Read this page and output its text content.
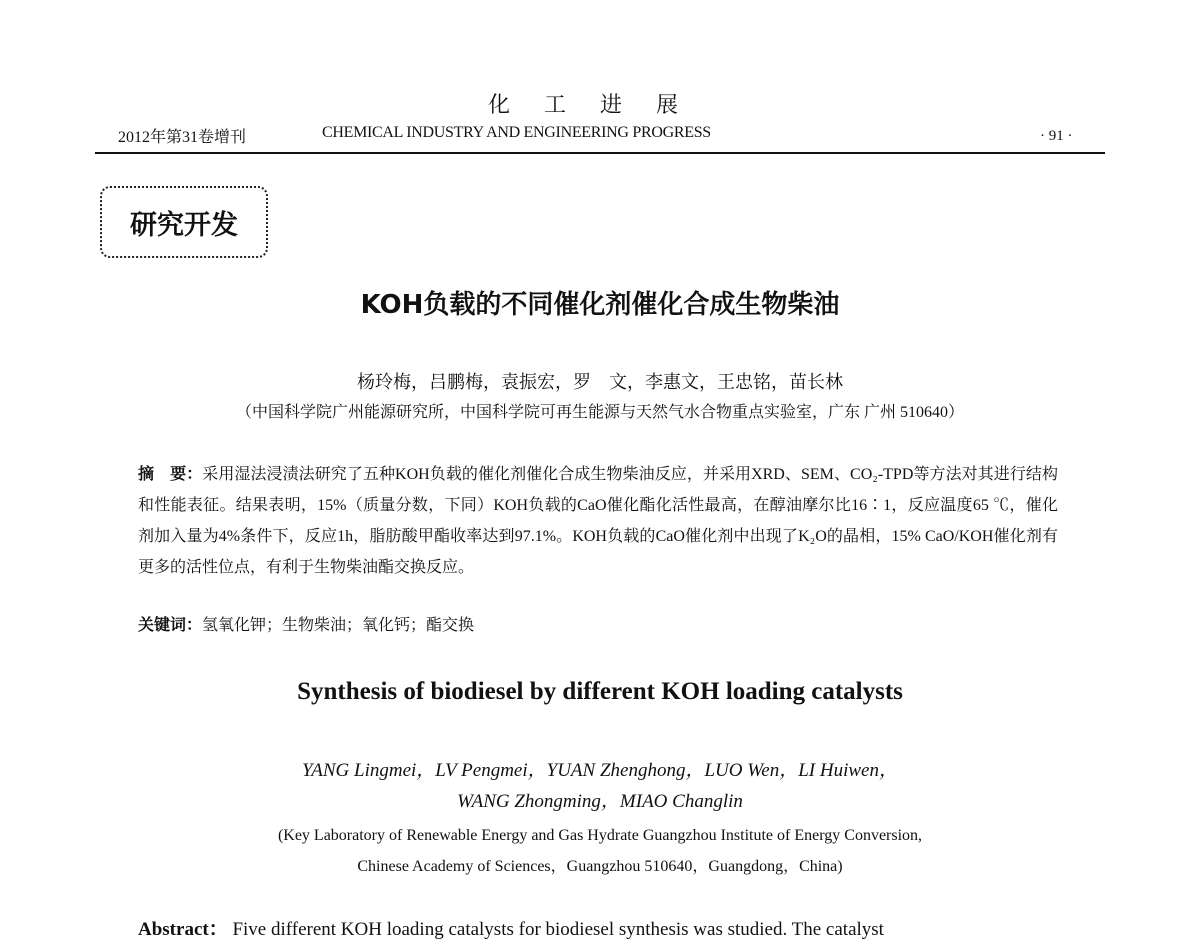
化工进展
2012年第31卷增刊	CHEMICAL INDUSTRY AND ENGINEERING PROGRESS	· 91 ·
研究开发
KOH负载的不同催化剂催化合成生物柴油
杨玲梅，吕鹏梅，袁振宏，罗　文，李惠文，王忠铭，苗长林
（中国科学院广州能源研究所，中国科学院可再生能源与天然气水合物重点实验室，广东 广州 510640）
摘　要：采用湿法浸渍法研究了五种KOH负载的催化剂催化合成生物柴油反应，并采用XRD、SEM、CO₂-TPD等方法对其进行结构和性能表征。结果表明，15%（质量分数，下同）KOH负载的CaO催化酯化活性最高，在醇油摩尔比16∶1，反应温度65 ℃，催化剂加入量为4%条件下，反应1h，脂肪酸甲酯收率达到97.1%。KOH负载的CaO催化剂中出现了K₂O的晶相，15% CaO/KOH催化剂有更多的活性位点，有利于生物柴油酯交换反应。
关键词：氢氧化钾；生物柴油；氧化钙；酯交换
Synthesis of biodiesel by different KOH loading catalysts
YANG Lingmei，LV Pengmei，YUAN Zhenghong，LUO Wen，LI Huiwen，
WANG Zhongming，MIAO Changlin
(Key Laboratory of Renewable Energy and Gas Hydrate Guangzhou Institute of Energy Conversion,
Chinese Academy of Sciences，Guangzhou 510640，Guangdong，China)
Abstract： Five different KOH loading catalysts for biodiesel synthesis was studied. The catalyst
